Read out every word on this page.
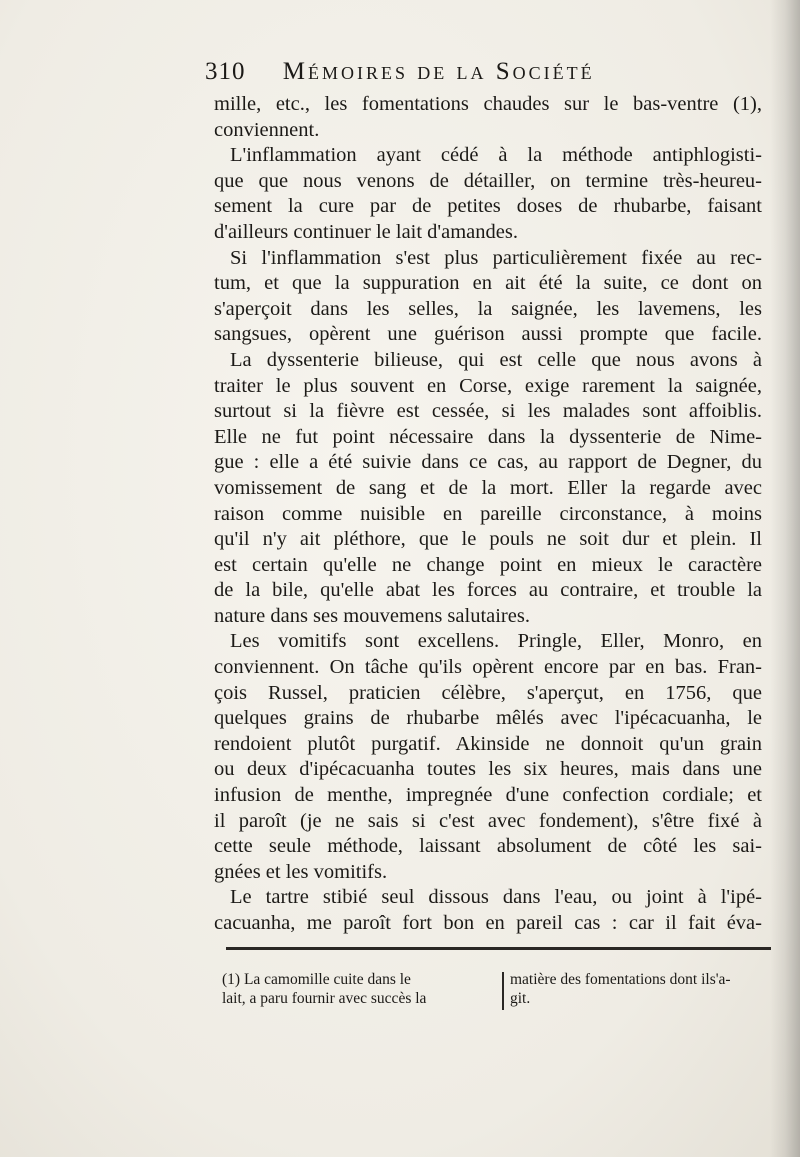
310 Mémoires de la Société
mille, etc., les fomentations chaudes sur le bas-ventre (1),
conviennent.
L'inflammation ayant cédé à la méthode antiphlogisti-
que que nous venons de détailler, on termine très-heureu-
sement la cure par de petites doses de rhubarbe, faisant
d'ailleurs continuer le lait d'amandes.
Si l'inflammation s'est plus particulièrement fixée au rec-
tum, et que la suppuration en ait été la suite, ce dont on
s'aperçoit dans les selles, la saignée, les lavemens, les
sangsues, opèrent une guérison aussi prompte que facile.
La dyssenterie bilieuse, qui est celle que nous avons à
traiter le plus souvent en Corse, exige rarement la saignée,
surtout si la fièvre est cessée, si les malades sont affoiblis.
Elle ne fut point nécessaire dans la dyssenterie de Nime-
gue : elle a été suivie dans ce cas, au rapport de Degner, du
vomissement de sang et de la mort. Eller la regarde avec
raison comme nuisible en pareille circonstance, à moins
qu'il n'y ait pléthore, que le pouls ne soit dur et plein. Il
est certain qu'elle ne change point en mieux le caractère
de la bile, qu'elle abat les forces au contraire, et trouble la
nature dans ses mouvemens salutaires.
Les vomitifs sont excellens. Pringle, Eller, Monro, en
conviennent. On tâche qu'ils opèrent encore par en bas. Fran-
çois Russel, praticien célèbre, s'aperçut, en 1756, que
quelques grains de rhubarbe mêlés avec l'ipécacuanha, le
rendoient plutôt purgatif. Akinside ne donnoit qu'un grain
ou deux d'ipécacuanha toutes les six heures, mais dans une
infusion de menthe, impregnée d'une confection cordiale; et
il paroît (je ne sais si c'est avec fondement), s'être fixé à
cette seule méthode, laissant absolument de côté les sai-
gnées et les vomitifs.
Le tartre stibié seul dissous dans l'eau, ou joint à l'ipé-
cacuanha, me paroît fort bon en pareil cas : car il fait éva-
(1) La camomille cuite dans le
lait, a paru fournir avec succès la
matière des fomentations dont ils'a-
git.
